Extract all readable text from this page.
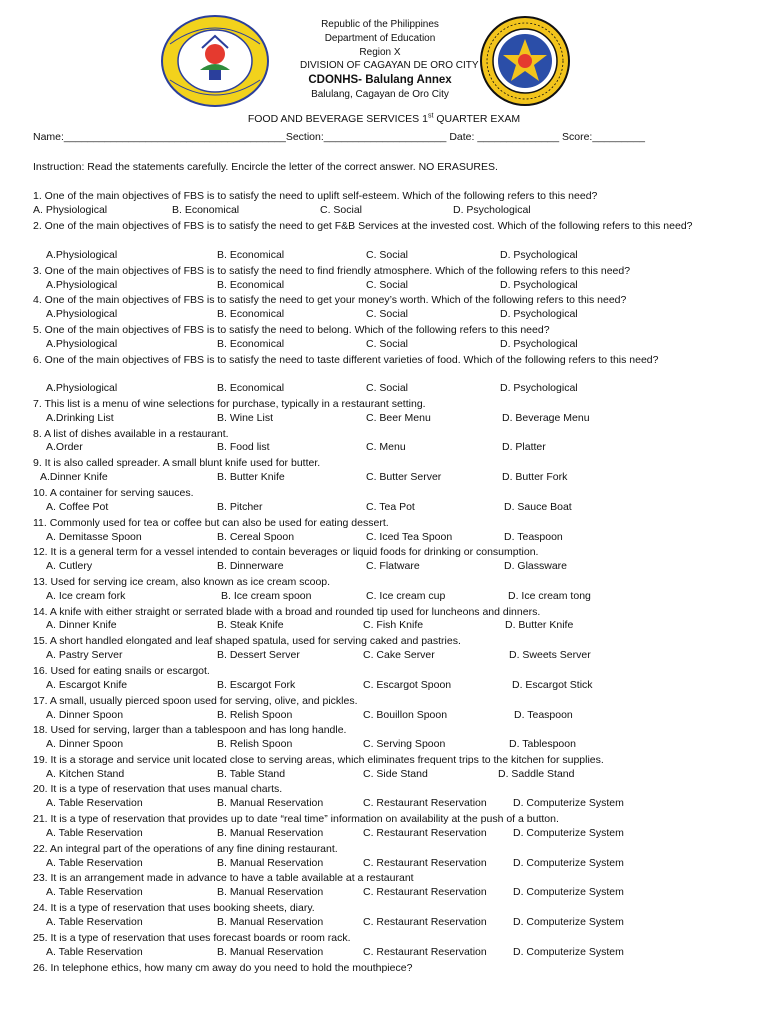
Republic of the Philippines
Department of Education
Region X
DIVISION OF CAGAYAN DE ORO CITY
CDONHS- Balulang Annex
Balulang, Cagayan de Oro City
FOOD AND BEVERAGE SERVICES 1st QUARTER EXAM
Name:______________________________________Section:_____________________ Date: ______________ Score:_________
Instruction: Read the statements carefully. Encircle the letter of the correct answer. NO ERASURES.
1. One of the main objectives of FBS is to satisfy the need to uplift self-esteem. Which of the following refers to this need?
A. Physiological	B. Economical	C. Social	D. Psychological
2. One of the main objectives of FBS is to satisfy the need to get F&B Services at the invested cost. Which of the following refers to this need?
A.Physiological	B. Economical	C. Social	D. Psychological
3. One of the main objectives of FBS is to satisfy the need to find friendly atmosphere. Which of the following refers to this need?
A.Physiological	B. Economical	C. Social	D. Psychological
4. One of the main objectives of FBS is to satisfy the need to get your money’s worth. Which of the following refers to this need?
A.Physiological	B. Economical	C. Social	D. Psychological
5. One of the main objectives of FBS is to satisfy the need to belong. Which of the following refers to this need?
A.Physiological	B. Economical	C. Social	D. Psychological
6. One of the main objectives of FBS is to satisfy the need to taste different varieties of food. Which of the following refers to this need?
A.Physiological	B. Economical	C. Social	D. Psychological
7. This list is a menu of wine selections for purchase, typically in a restaurant setting.
A.Drinking List	B. Wine List	C. Beer Menu	D. Beverage Menu
8. A list of dishes available in a restaurant.
A.Order	B. Food list	C. Menu	D. Platter
9. It is also called spreader. A small blunt knife used for butter.
A.Dinner Knife	B. Butter Knife	C. Butter Server	D. Butter Fork
10. A container for serving sauces.
A. Coffee Pot	B. Pitcher	C. Tea Pot	D. Sauce Boat
11. Commonly used for tea or coffee but can also be used for eating dessert.
A. Demitasse Spoon	B. Cereal Spoon	C. Iced Tea Spoon	D. Teaspoon
12. It is a general term for a vessel intended to contain beverages or liquid foods for drinking or consumption.
A. Cutlery	B. Dinnerware	C. Flatware	D. Glassware
13. Used for serving ice cream, also known as ice cream scoop.
A. Ice cream fork	B. Ice cream spoon	C. Ice cream cup	D. Ice cream tong
14. A knife with either straight or serrated blade with a broad and rounded tip used for luncheons and dinners.
A. Dinner Knife	B. Steak Knife	C. Fish Knife	D. Butter Knife
15. A short handled elongated and leaf shaped spatula, used for serving caked and pastries.
A. Pastry Server	B. Dessert Server	C. Cake Server	D. Sweets Server
16. Used for eating snails or escargot.
A. Escargot Knife	B. Escargot Fork	C. Escargot Spoon	D. Escargot Stick
17. A small, usually pierced spoon used for serving, olive, and pickles.
A. Dinner Spoon	B. Relish Spoon	C. Bouillon Spoon	D. Teaspoon
18. Used for serving, larger than a tablespoon and has long handle.
A. Dinner Spoon	B. Relish Spoon	C. Serving Spoon	D. Tablespoon
19. It is a storage and service unit located close to serving areas, which eliminates frequent trips to the kitchen for supplies.
A. Kitchen Stand	B. Table Stand	C. Side Stand	D. Saddle Stand
20. It is a type of reservation that uses manual charts.
A. Table Reservation	B. Manual Reservation	C. Restaurant Reservation	D. Computerize System
21. It is a type of reservation that provides up to date “real time” information on availability at the push of a button.
A. Table Reservation	B. Manual Reservation	C. Restaurant Reservation	D. Computerize System
22. An integral part of the operations of any fine dining restaurant.
A. Table Reservation	B. Manual Reservation	C. Restaurant Reservation	D. Computerize System
23. It is an arrangement made in advance to have a table available at a restaurant
A. Table Reservation	B. Manual Reservation	C. Restaurant Reservation	D. Computerize System
24. It is a type of reservation that uses booking sheets, diary.
A. Table Reservation	B. Manual Reservation	C. Restaurant Reservation	D. Computerize System
25. It is a type of reservation that uses forecast boards or room rack.
A. Table Reservation	B. Manual Reservation	C. Restaurant Reservation	D. Computerize System
26. In telephone ethics, how many cm away do you need to hold the mouthpiece?
